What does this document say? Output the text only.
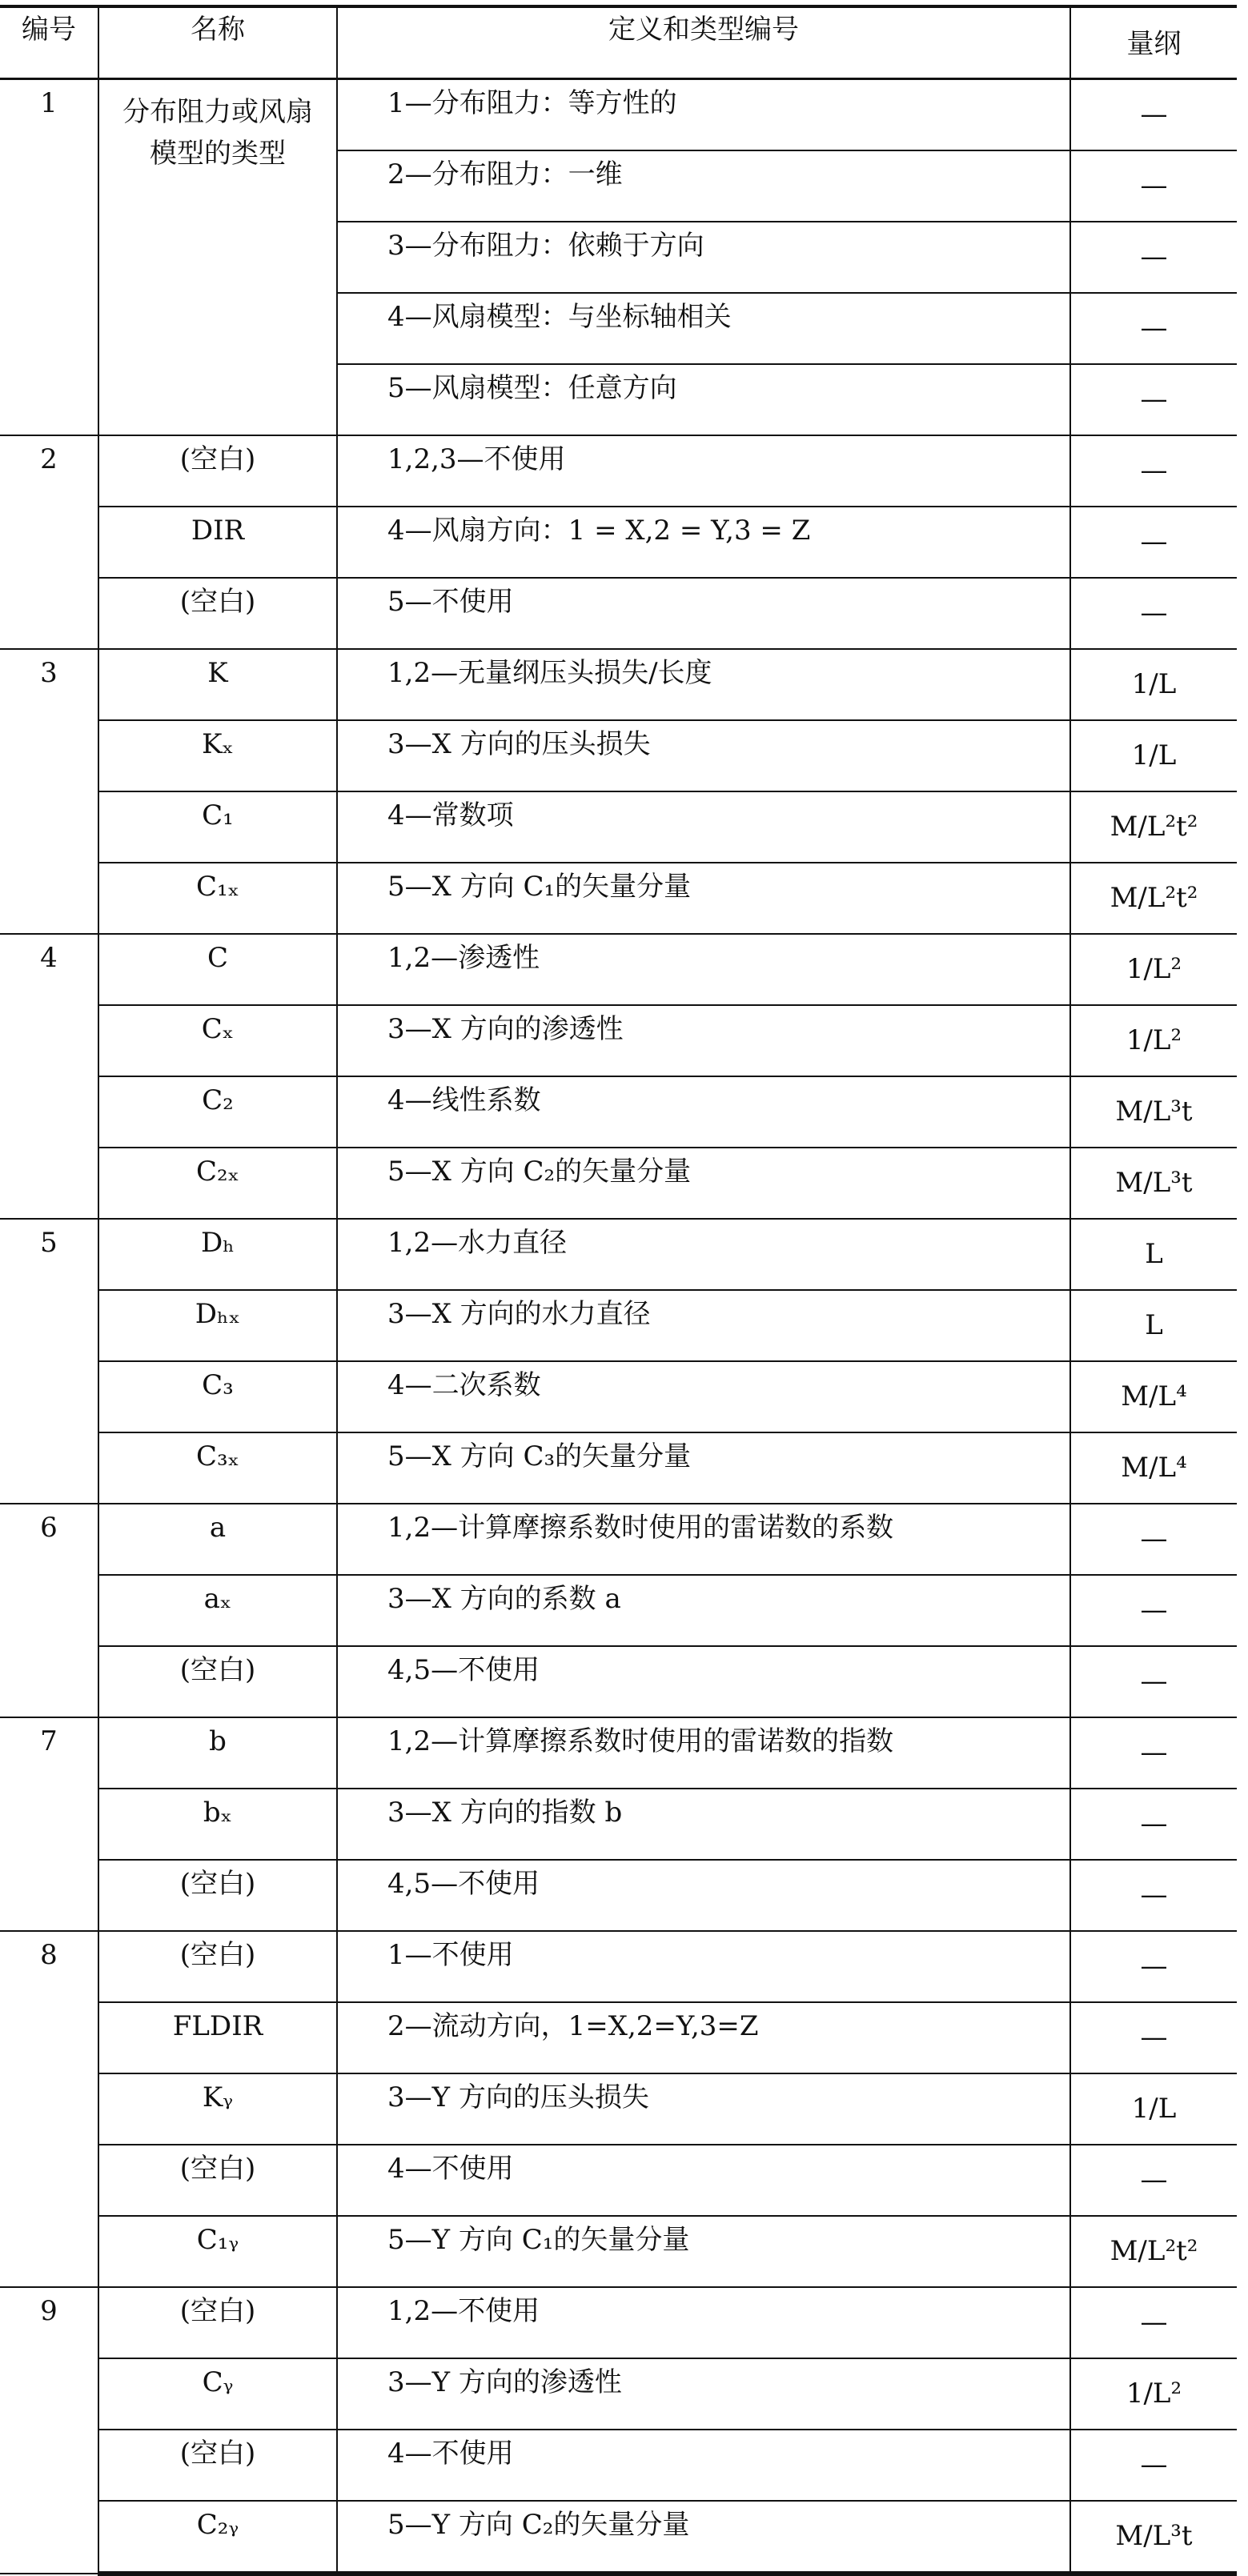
编号	名称	定义和类型编号	量纲
1	分布阻力或风扇模型的类型	1—分布阻力：等方性的	—
		2—分布阻力：一维	—
		3—分布阻力：依赖于方向	—
		4—风扇模型：与坐标轴相关	—
		5—风扇模型：任意方向	—
2	(空白)	1,2,3—不使用	—
	DIR	4—风扇方向：1 = X,2 = Y,3 = Z	—
	(空白)	5—不使用	—
3	K	1,2—无量纲压头损失/长度	1/L
	Kₓ	3—X 方向的压头损失	1/L
	C₁	4—常数项	M/L²t²
	C₁ₓ	5—X 方向 C₁的矢量分量	M/L²t²
4	C	1,2—渗透性	1/L²
	Cₓ	3—X 方向的渗透性	1/L²
	C₂	4—线性系数	M/L³t
	C₂ₓ	5—X 方向 C₂的矢量分量	M/L³t
5	Dₕ	1,2—水力直径	L
	Dₕₓ	3—X 方向的水力直径	L
	C₃	4—二次系数	M/L⁴
	C₃ₓ	5—X 方向 C₃的矢量分量	M/L⁴
6	a	1,2—计算摩擦系数时使用的雷诺数的系数	—
	aₓ	3—X 方向的系数 a	—
	(空白)	4,5—不使用	—
7	b	1,2—计算摩擦系数时使用的雷诺数的指数	—
	bₓ	3—X 方向的指数 b	—
	(空白)	4,5—不使用	—
8	(空白)	1—不使用	—
	FLDIR	2—流动方向，1=X,2=Y,3=Z	—
	Kᵧ	3—Y 方向的压头损失	1/L
	(空白)	4—不使用	—
	C₁ᵧ	5—Y 方向 C₁的矢量分量	M/L²t²
9	(空白)	1,2—不使用	—
	Cᵧ	3—Y 方向的渗透性	1/L²
	(空白)	4—不使用	—
	C₂ᵧ	5—Y 方向 C₂的矢量分量	M/L³t
